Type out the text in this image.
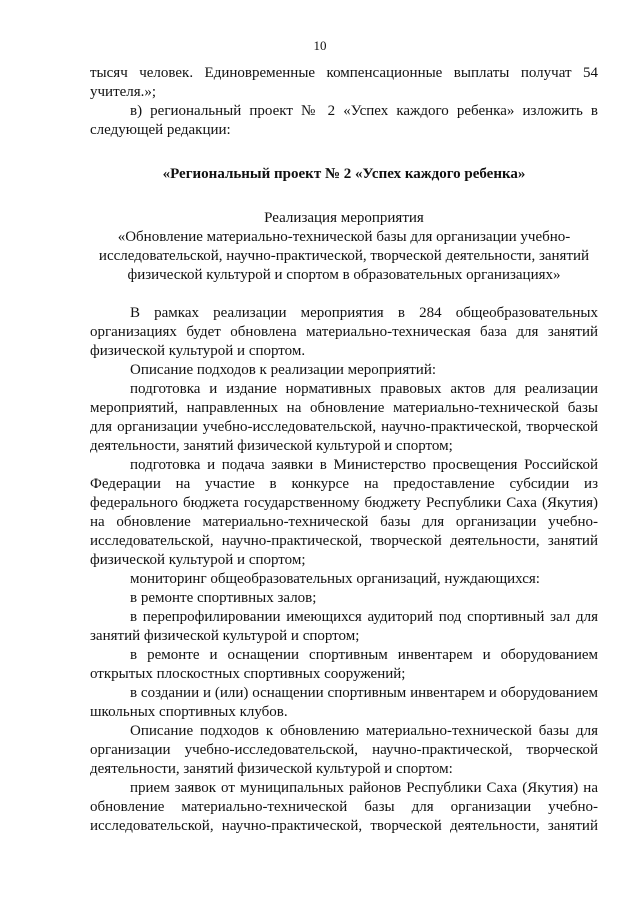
10

тысяч человек. Единовременные компенсационные выплаты получат 54 учителя.»;

в) региональный проект № 2 «Успех каждого ребенка» изложить в следующей редакции:

«Региональный проект № 2 «Успех каждого ребенка»

Реализация мероприятия
«Обновление материально-технической базы для организации учебно-исследовательской, научно-практической, творческой деятельности, занятий физической культурой и спортом в образовательных организациях»

В рамках реализации мероприятия в 284 общеобразовательных организациях будет обновлена материально-техническая база для занятий физической культурой и спортом.

Описание подходов к реализации мероприятий:

подготовка и издание нормативных правовых актов для реализации мероприятий, направленных на обновление материально-технической базы для организации учебно-исследовательской, научно-практической, творческой деятельности, занятий физической культурой и спортом;

подготовка и подача заявки в Министерство просвещения Российской Федерации на участие в конкурсе на предоставление субсидии из федерального бюджета государственному бюджету Республики Саха (Якутия) на обновление материально-технической базы для организации учебно-исследовательской, научно-практической, творческой деятельности, занятий физической культурой и спортом;

мониторинг общеобразовательных организаций, нуждающихся:

в ремонте спортивных залов;

в перепрофилировании имеющихся аудиторий под спортивный зал для занятий физической культурой и спортом;

в ремонте и оснащении спортивным инвентарем и оборудованием открытых плоскостных спортивных сооружений;

в создании и (или) оснащении спортивным инвентарем и оборудованием школьных спортивных клубов.

Описание подходов к обновлению материально-технической базы для организации учебно-исследовательской, научно-практической, творческой деятельности, занятий физической культурой и спортом:

прием заявок от муниципальных районов Республики Саха (Якутия) на обновление материально-технической базы для организации учебно-исследовательской, научно-практической, творческой деятельности, занятий
